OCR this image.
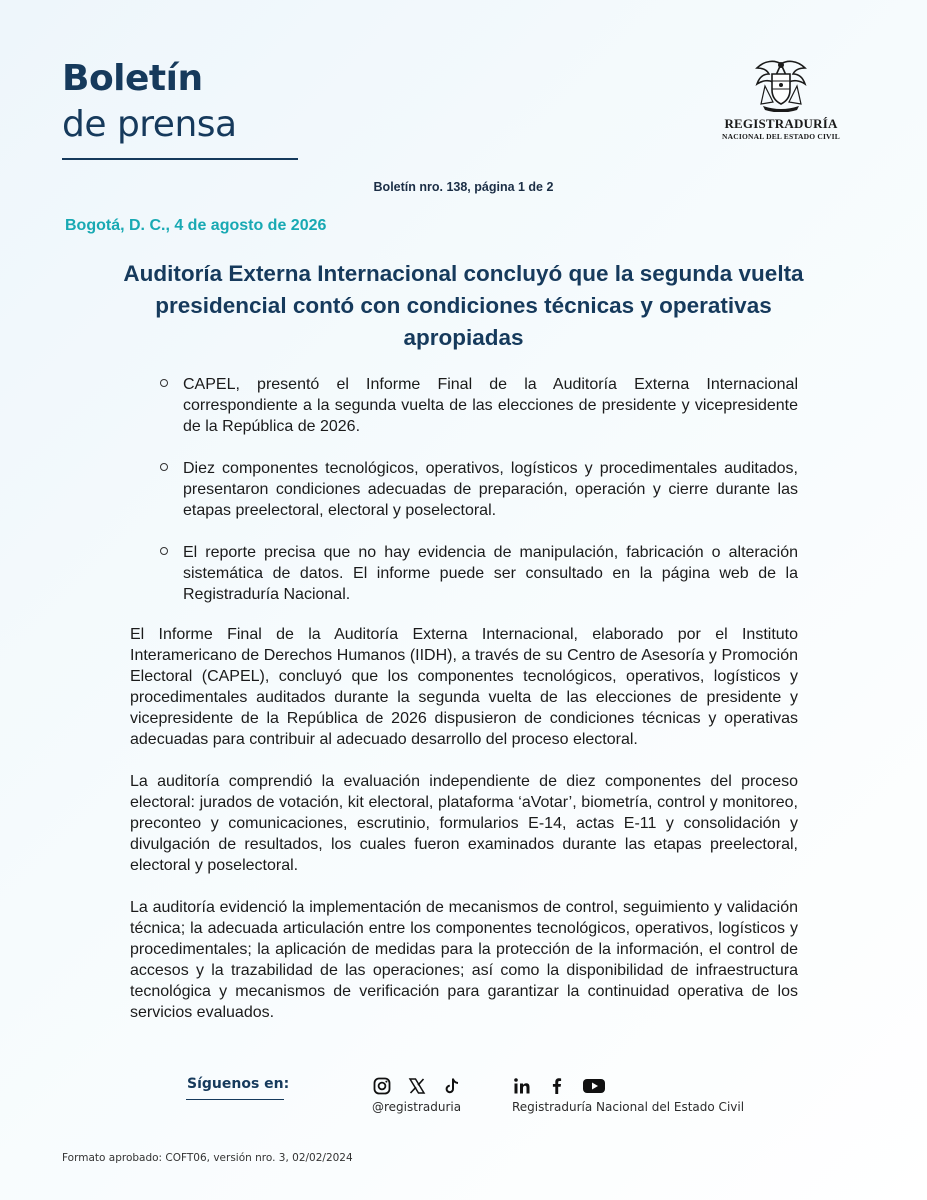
Boletín
de prensa	REGISTRADURÍA
NACIONAL DEL ESTADO CIVIL
Boletín nro. 138, página 1 de 2
Bogotá, D. C., 4 de agosto de 2026
Auditoría Externa Internacional concluyó que la segunda vuelta presidencial contó con condiciones técnicas y operativas apropiadas
CAPEL, presentó el Informe Final de la Auditoría Externa Internacional correspondiente a la segunda vuelta de las elecciones de presidente y vicepresidente de la República de 2026.
Diez componentes tecnológicos, operativos, logísticos y procedimentales auditados, presentaron condiciones adecuadas de preparación, operación y cierre durante las etapas preelectoral, electoral y poselectoral.
El reporte precisa que no hay evidencia de manipulación, fabricación o alteración sistemática de datos. El informe puede ser consultado en la página web de la Registraduría Nacional.

El Informe Final de la Auditoría Externa Internacional, elaborado por el Instituto Interamericano de Derechos Humanos (IIDH), a través de su Centro de Asesoría y Promoción Electoral (CAPEL), concluyó que los componentes tecnológicos, operativos, logísticos y procedimentales auditados durante la segunda vuelta de las elecciones de presidente y vicepresidente de la República de 2026 dispusieron de condiciones técnicas y operativas adecuadas para contribuir al adecuado desarrollo del proceso electoral.

La auditoría comprendió la evaluación independiente de diez componentes del proceso electoral: jurados de votación, kit electoral, plataforma ‘aVotar’, biometría, control y monitoreo, preconteo y comunicaciones, escrutinio, formularios E-14, actas E-11 y consolidación y divulgación de resultados, los cuales fueron examinados durante las etapas preelectoral, electoral y poselectoral.

La auditoría evidenció la implementación de mecanismos de control, seguimiento y validación técnica; la adecuada articulación entre los componentes tecnológicos, operativos, logísticos y procedimentales; la aplicación de medidas para la protección de la información, el control de accesos y la trazabilidad de las operaciones; así como la disponibilidad de infraestructura tecnológica y mecanismos de verificación para garantizar la continuidad operativa de los servicios evaluados.

Síguenos en:
@registraduria	Registraduría Nacional del Estado Civil
Formato aprobado: COFT06, versión nro. 3, 02/02/2024
